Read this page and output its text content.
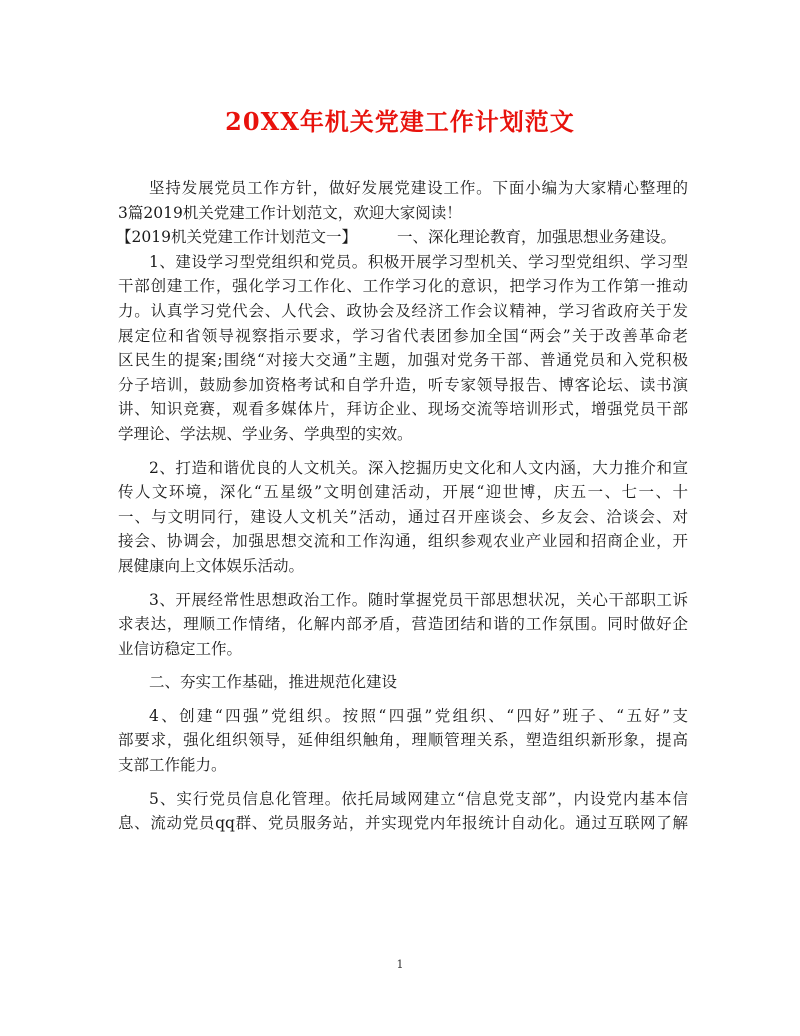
20XX年机关党建工作计划范文
坚持发展党员工作方针，做好发展党建设工作。下面小编为大家精心整理的
3篇2019机关党建工作计划范文，欢迎大家阅读！
【2019机关党建工作计划范文一】	一、深化理论教育，加强思想业务建设。
1、建设学习型党组织和党员。积极开展学习型机关、学习型党组织、学习型
干部创建工作，强化学习工作化、工作学习化的意识，把学习作为工作第一推动
力。认真学习党代会、人代会、政协会及经济工作会议精神，学习省政府关于发
展定位和省领导视察指示要求，学习省代表团参加全国“两会”关于改善革命老
区民生的提案;围绕“对接大交通”主题，加强对党务干部、普通党员和入党积极
分子培训，鼓励参加资格考试和自学升造，听专家领导报告、博客论坛、读书演
讲、知识竞赛，观看多媒体片，拜访企业、现场交流等培训形式，增强党员干部
学理论、学法规、学业务、学典型的实效。
2、打造和谐优良的人文机关。深入挖掘历史文化和人文内涵，大力推介和宣
传人文环境，深化“五星级”文明创建活动，开展“迎世博，庆五一、七一、十
一、与文明同行，建设人文机关”活动，通过召开座谈会、乡友会、洽谈会、对
接会、协调会，加强思想交流和工作沟通，组织参观农业产业园和招商企业，开
展健康向上文体娱乐活动。
3、开展经常性思想政治工作。随时掌握党员干部思想状况，关心干部职工诉
求表达，理顺工作情绪，化解内部矛盾，营造团结和谐的工作氛围。同时做好企
业信访稳定工作。
二、夯实工作基础，推进规范化建设
4、创建“四强”党组织。按照“四强”党组织、“四好”班子、“五好”支
部要求，强化组织领导，延伸组织触角，理顺管理关系，塑造组织新形象，提高
支部工作能力。
5、实行党员信息化管理。依托局域网建立“信息党支部”，内设党内基本信
息、流动党员qq群、党员服务站，并实现党内年报统计自动化。通过互联网了解
1
